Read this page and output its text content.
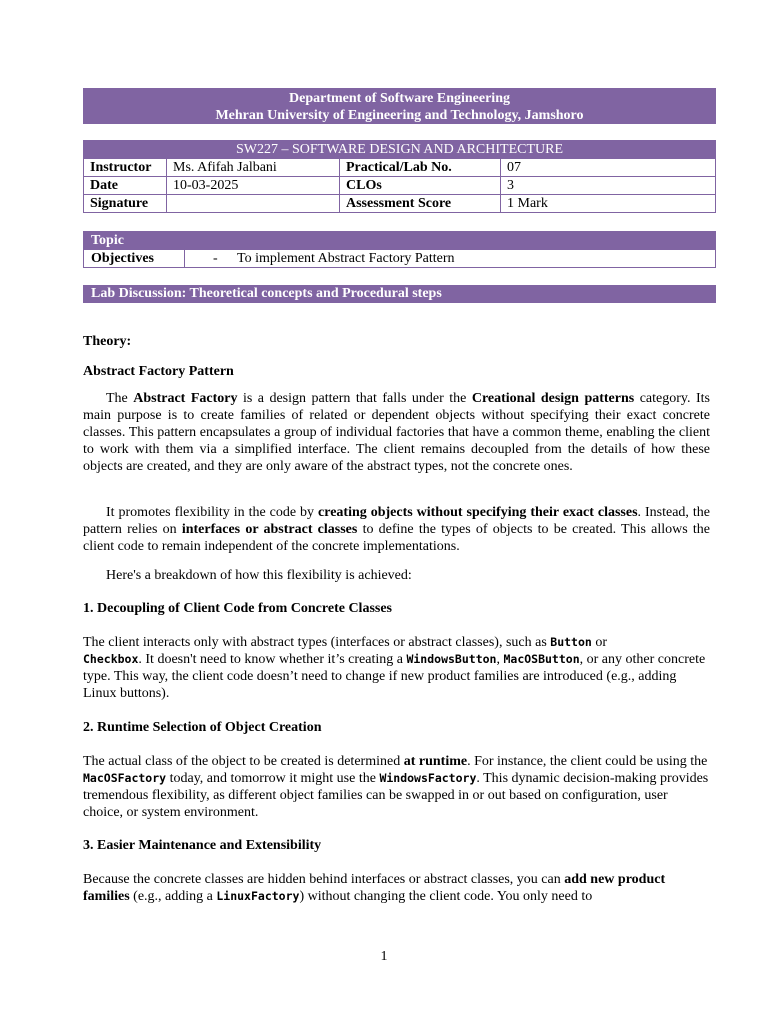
Department of Software Engineering
Mehran University of Engineering and Technology, Jamshoro
SW227 – SOFTWARE DESIGN AND ARCHITECTURE			
Instructor	Ms. Afifah Jalbani	Practical/Lab No.	07
Date	10-03-2025	CLOs	3
Signature		Assessment Score	1 Mark
Topic
Objectives	- To implement Abstract Factory Pattern
Lab Discussion: Theoretical concepts and Procedural steps

Theory:

Abstract Factory Pattern

The Abstract Factory is a design pattern that falls under the Creational design patterns category. Its main purpose is to create families of related or dependent objects without specifying their exact concrete classes. This pattern encapsulates a group of individual factories that have a common theme, enabling the client to work with them via a simplified interface. The client remains decoupled from the details of how these objects are created, and they are only aware of the abstract types, not the concrete ones.

It promotes flexibility in the code by creating objects without specifying their exact classes. Instead, the pattern relies on interfaces or abstract classes to define the types of objects to be created. This allows the client code to remain independent of the concrete implementations.

Here's a breakdown of how this flexibility is achieved:

1. Decoupling of Client Code from Concrete Classes

The client interacts only with abstract types (interfaces or abstract classes), such as Button or
Checkbox. It doesn't need to know whether it’s creating a WindowsButton, MacOSButton, or any other concrete type. This way, the client code doesn’t need to change if new product families are introduced (e.g., adding Linux buttons).

2. Runtime Selection of Object Creation

The actual class of the object to be created is determined at runtime. For instance, the client could be using the MacOSFactory today, and tomorrow it might use the WindowsFactory. This dynamic decision-making provides tremendous flexibility, as different object families can be swapped in or out based on configuration, user choice, or system environment.

3. Easier Maintenance and Extensibility

Because the concrete classes are hidden behind interfaces or abstract classes, you can add new product families (e.g., adding a LinuxFactory) without changing the client code. You only need to

1
